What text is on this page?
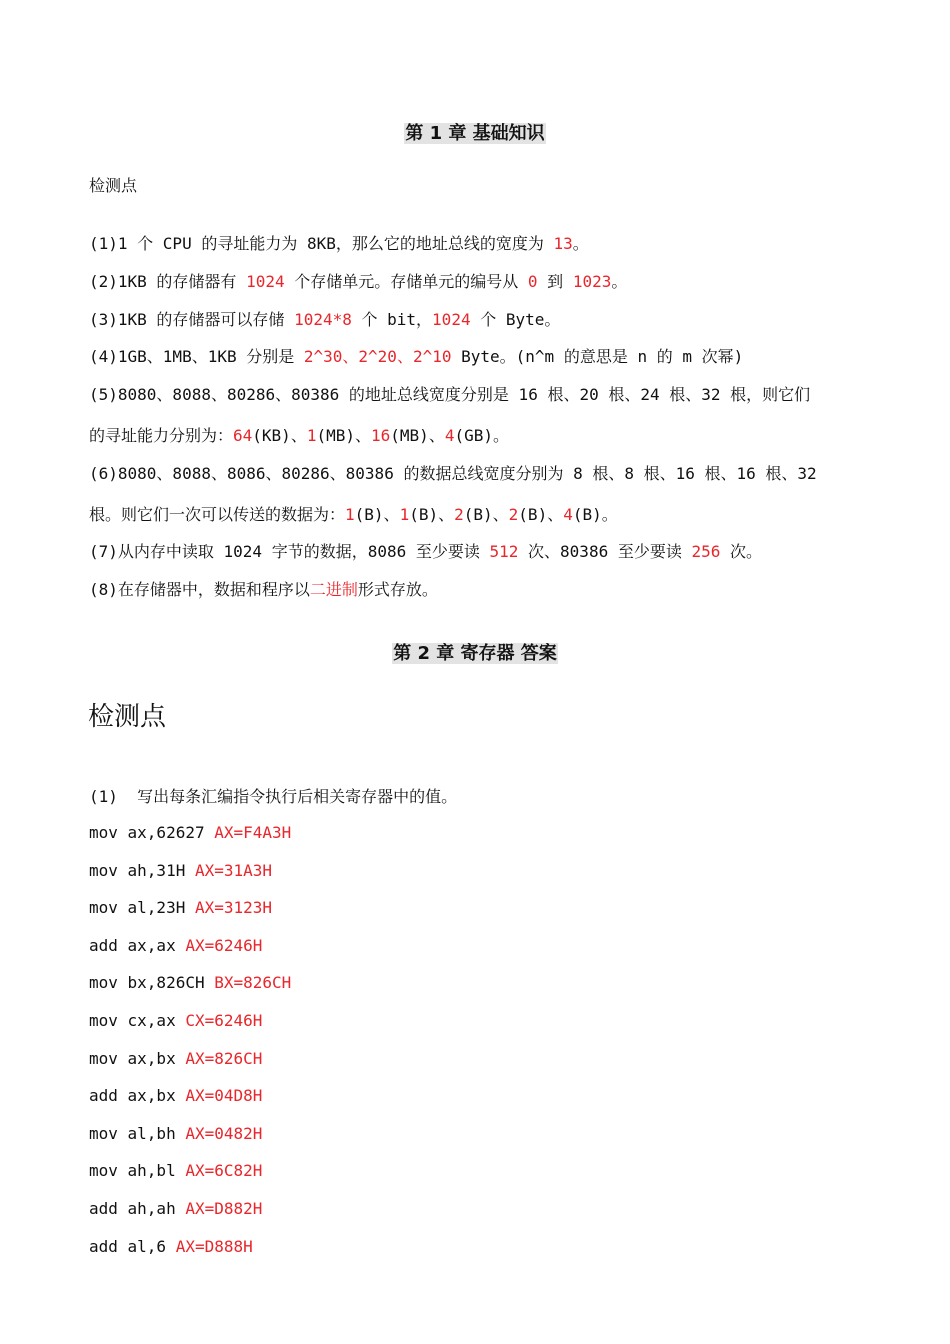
第 1 章 基础知识
检测点
(1)1 个 CPU 的寻址能力为 8KB，那么它的地址总线的宽度为 13。
(2)1KB 的存储器有 1024 个存储单元。存储单元的编号从 0 到 1023。
(3)1KB 的存储器可以存储 1024*8 个 bit，1024 个 Byte。
(4)1GB、1MB、1KB 分别是 2^30、2^20、2^10 Byte。(n^m 的意思是 n 的 m 次幂)
(5)8080、8088、80286、80386 的地址总线宽度分别是 16 根、20 根、24 根、32 根，则它们
的寻址能力分别为：64(KB)、1(MB)、16(MB)、4(GB)。
(6)8080、8088、8086、80286、80386 的数据总线宽度分别为 8 根、8 根、16 根、16 根、32
根。则它们一次可以传送的数据为：1(B)、1(B)、2(B)、2(B)、4(B)。
(7)从内存中读取 1024 字节的数据，8086 至少要读 512 次、80386 至少要读 256 次。
(8)在存储器中，数据和程序以二进制形式存放。
第 2 章 寄存器 答案
检测点
(1)  写出每条汇编指令执行后相关寄存器中的值。
mov ax,62627 AX=F4A3H
mov ah,31H AX=31A3H
mov al,23H AX=3123H
add ax,ax AX=6246H
mov bx,826CH BX=826CH
mov cx,ax CX=6246H
mov ax,bx AX=826CH
add ax,bx AX=04D8H
mov al,bh AX=0482H
mov ah,bl AX=6C82H
add ah,ah AX=D882H
add al,6 AX=D888H
